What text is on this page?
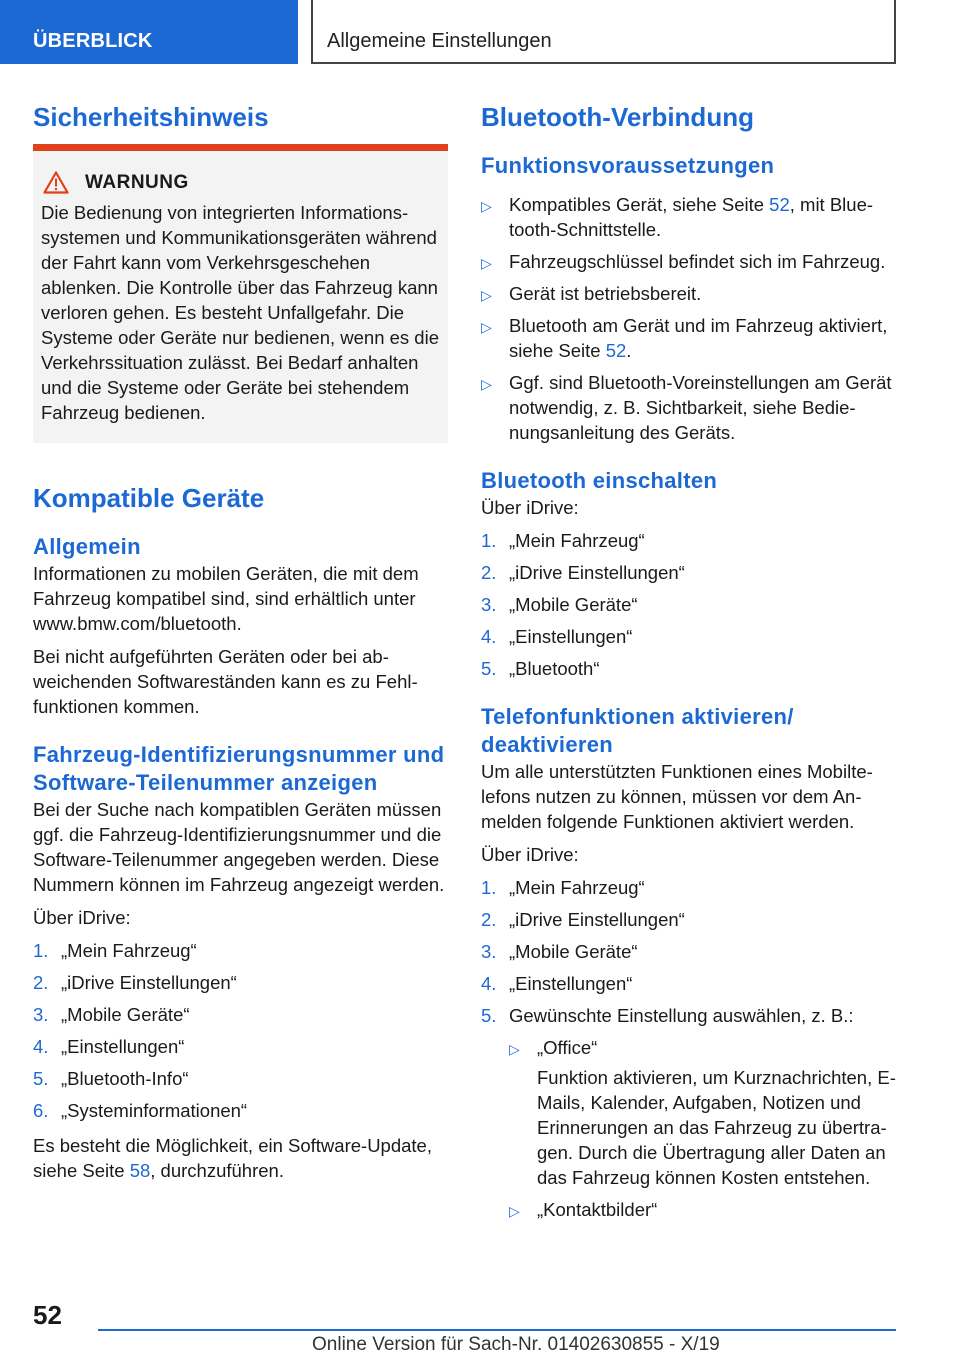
ÜBERBLICK	Allgemeine Einstellungen
Sicherheitshinweis
WARNUNG
Die Bedienung von integrierten Informationssystemen und Kommunikationsgeräten während der Fahrt kann vom Verkehrsgeschehen ablenken. Die Kontrolle über das Fahrzeug kann verloren gehen. Es besteht Unfallgefahr. Die Systeme oder Geräte nur bedienen, wenn es die Verkehrssituation zulässt. Bei Bedarf anhalten und die Systeme oder Geräte bei stehendem Fahrzeug bedienen.
Kompatible Geräte
Allgemein

Informationen zu mobilen Geräten, die mit dem Fahrzeug kompatibel sind, sind erhältlich unter www.bmw.com/bluetooth.

Bei nicht aufgeführten Geräten oder bei abweichenden Softwareständen kann es zu Fehlfunktionen kommen.

Fahrzeug-Identifizierungsnummer und Software-Teilenummer anzeigen

Bei der Suche nach kompatiblen Geräten müssen ggf. die Fahrzeug-Identifizierungsnummer und die Software-Teilenummer angegeben werden. Diese Nummern können im Fahrzeug angezeigt werden.

Über iDrive:

1. „Mein Fahrzeug“
2. „iDrive Einstellungen“
3. „Mobile Geräte“
4. „Einstellungen“
5. „Bluetooth-Info“
6. „Systeminformationen“

Es besteht die Möglichkeit, ein Software-Update, siehe Seite 58, durchzuführen.

Bluetooth-Verbindung
Funktionsvoraussetzungen
▷ Kompatibles Gerät, siehe Seite 52, mit Bluetooth-Schnittstelle.
▷ Fahrzeugschlüssel befindet sich im Fahrzeug.
▷ Gerät ist betriebsbereit.
▷ Bluetooth am Gerät und im Fahrzeug aktiviert, siehe Seite 52.
▷ Ggf. sind Bluetooth-Voreinstellungen am Gerät notwendig, z. B. Sichtbarkeit, siehe Bedienungsanleitung des Geräts.
Bluetooth einschalten

Über iDrive:

1. „Mein Fahrzeug“
2. „iDrive Einstellungen“
3. „Mobile Geräte“
4. „Einstellungen“
5. „Bluetooth“
Telefonfunktionen aktivieren/ deaktivieren

Um alle unterstützten Funktionen eines Mobiltelefons nutzen zu können, müssen vor dem Anmelden folgende Funktionen aktiviert werden.

Über iDrive:

1. „Mein Fahrzeug“
2. „iDrive Einstellungen“
3. „Mobile Geräte“
4. „Einstellungen“
5. Gewünschte Einstellung auswählen, z. B.:
▷ „Office“
Funktion aktivieren, um Kurznachrichten, E-Mails, Kalender, Aufgaben, Notizen und Erinnerungen an das Fahrzeug zu übertragen. Durch die Übertragung aller Daten an das Fahrzeug können Kosten entstehen.
▷ „Kontaktbilder“
52
Online Version für Sach-Nr. 01402630855 - X/19
